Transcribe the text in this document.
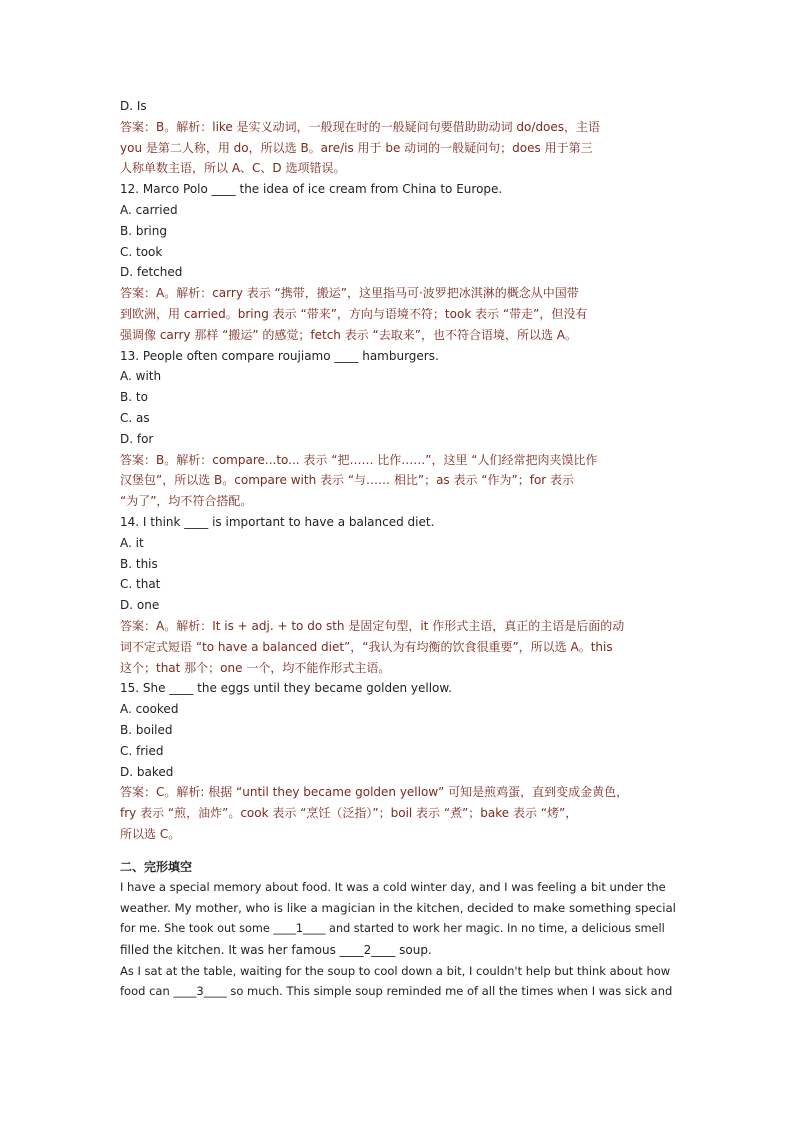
D. Is
答案：B。解析：like 是实义动词，一般现在时的一般疑问句要借助助动词 do/does，主语
you 是第二人称，用 do，所以选 B。are/is 用于 be 动词的一般疑问句；does 用于第三
人称单数主语，所以 A、C、D 选项错误。
12. Marco Polo ____ the idea of ice cream from China to Europe.
A. carried
B. bring
C. took
D. fetched
答案：A。解析：carry 表示 “携带，搬运”，这里指马可·波罗把冰淇淋的概念从中国带
到欧洲，用 carried。bring 表示 “带来”，方向与语境不符；took 表示 “带走”，但没有
强调像 carry 那样 “搬运” 的感觉；fetch 表示 “去取来”，也不符合语境，所以选 A。
13. People often compare roujiamo ____ hamburgers.
A. with
B. to
C. as
D. for
答案：B。解析：compare...to... 表示 “把…… 比作……”，这里 “人们经常把肉夹馍比作
汉堡包”，所以选 B。compare with 表示 “与…… 相比”；as 表示 “作为”；for 表示
“为了”，均不符合搭配。
14. I think ____ is important to have a balanced diet.
A. it
B. this
C. that
D. one
答案：A。解析：It is + adj. + to do sth 是固定句型，it 作形式主语，真正的主语是后面的动
词不定式短语 “to have a balanced diet”，“我认为有均衡的饮食很重要”，所以选 A。this
这个；that 那个；one 一个，均不能作形式主语。
15. She ____ the eggs until they became golden yellow.
A. cooked
B. boiled
C. fried
D. baked
答案：C。解析: 根据 “until they became golden yellow” 可知是煎鸡蛋，直到变成金黄色，
fry 表示 “煎，油炸”。cook 表示 “烹饪（泛指）”；boil 表示 “煮”；bake 表示 “烤”，
所以选 C。
二、完形填空
I have a special memory about food. It was a cold winter day, and I was feeling a bit under the
weather. My mother, who is like a magician in the kitchen, decided to make something special
for me. She took out some ____1____ and started to work her magic. In no time, a delicious smell
filled the kitchen. It was her famous ____2____ soup.
As I sat at the table, waiting for the soup to cool down a bit, I couldn't help but think about how
food can ____3____ so much. This simple soup reminded me of all the times when I was sick and
